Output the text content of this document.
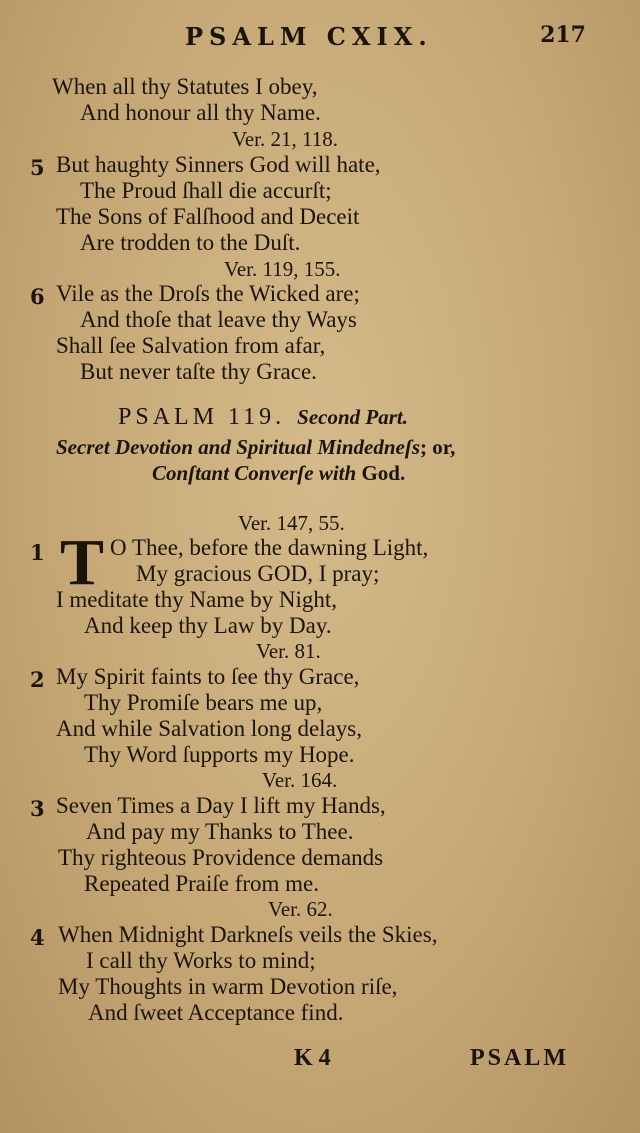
PSALM CXIX.	217
When all thy Statutes I obey,
And honour all thy Name.
Ver. 21, 118.
5 But haughty Sinners God will hate,
The Proud ſhall die accurſt;
The Sons of Falſhood and Deceit
Are trodden to the Duſt.
Ver. 119, 155.
6 Vile as the Droſs the Wicked are;
And thoſe that leave thy Ways
Shall ſee Salvation from afar,
But never taſte thy Grace.
PSALM 119. Second Part.
Secret Devotion and Spiritual Mindedneſs; or,
Conſtant Converſe with God.
Ver. 147, 55.
1 T O Thee, before the dawning Light,
My gracious GOD, I pray;
I meditate thy Name by Night,
And keep thy Law by Day.
Ver. 81.
2 My Spirit faints to ſee thy Grace,
Thy Promiſe bears me up,
And while Salvation long delays,
Thy Word ſupports my Hope.
Ver. 164.
3 Seven Times a Day I lift my Hands,
And pay my Thanks to Thee.
Thy righteous Providence demands
Repeated Praiſe from me.
Ver. 62.
4 When Midnight Darkneſs veils the Skies,
I call thy Works to mind;
My Thoughts in warm Devotion riſe,
And ſweet Acceptance find.
K 4	PSALM
